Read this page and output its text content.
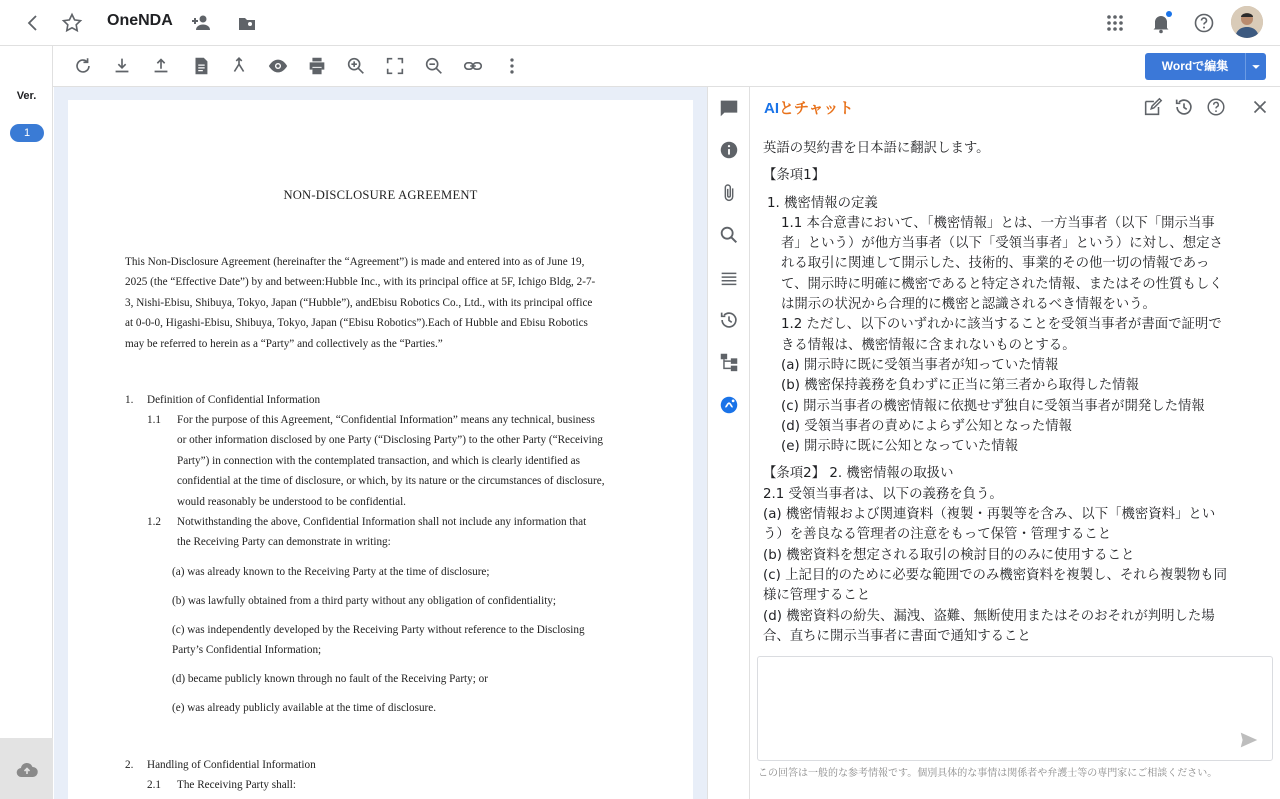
OneNDA
Ver.
1
Wordで編集
NON-DISCLOSURE AGREEMENT
This Non-Disclosure Agreement (hereinafter the “Agreement”) is made and entered into as of June 19,
2025 (the “Effective Date”) by and between:Hubble Inc., with its principal office at 5F, Ichigo Bldg, 2-7-
3, Nishi-Ebisu, Shibuya, Tokyo, Japan (“Hubble”), andEbisu Robotics Co., Ltd., with its principal office
at 0-0-0, Higashi-Ebisu, Shibuya, Tokyo, Japan (“Ebisu Robotics”).Each of Hubble and Ebisu Robotics
may be referred to herein as a “Party” and collectively as the “Parties.”
1. Definition of Confidential Information
1.1 For the purpose of this Agreement, “Confidential Information” means any technical, business
or other information disclosed by one Party (“Disclosing Party”) to the other Party (“Receiving
Party”) in connection with the contemplated transaction, and which is clearly identified as
confidential at the time of disclosure, or which, by its nature or the circumstances of disclosure,
would reasonably be understood to be confidential.
1.2 Notwithstanding the above, Confidential Information shall not include any information that
the Receiving Party can demonstrate in writing:
(a) was already known to the Receiving Party at the time of disclosure;
(b) was lawfully obtained from a third party without any obligation of confidentiality;
(c) was independently developed by the Receiving Party without reference to the Disclosing
Party’s Confidential Information;
(d) became publicly known through no fault of the Receiving Party; or
(e) was already publicly available at the time of disclosure.
2. Handling of Confidential Information
2.1 The Receiving Party shall:
AIとチャット
英語の契約書を日本語に翻訳します。
【条項1】
1. 機密情報の定義
1.1 本合意書において、「機密情報」とは、一方当事者（以下「開示当事
者」という）が他方当事者（以下「受領当事者」という）に対し、想定さ
れる取引に関連して開示した、技術的、事業的その他一切の情報であっ
て、開示時に明確に機密であると特定された情報、またはその性質もしく
は開示の状況から合理的に機密と認識されるべき情報をいう。
1.2 ただし、以下のいずれかに該当することを受領当事者が書面で証明で
きる情報は、機密情報に含まれないものとする。
(a) 開示時に既に受領当事者が知っていた情報
(b) 機密保持義務を負わずに正当に第三者から取得した情報
(c) 開示当事者の機密情報に依拠せず独自に受領当事者が開発した情報
(d) 受領当事者の責めによらず公知となった情報
(e) 開示時に既に公知となっていた情報
【条項2】 2. 機密情報の取扱い
2.1 受領当事者は、以下の義務を負う。
(a) 機密情報および関連資料（複製・再製等を含み、以下「機密資料」とい
う）を善良なる管理者の注意をもって保管・管理すること
(b) 機密資料を想定される取引の検討目的のみに使用すること
(c) 上記目的のために必要な範囲でのみ機密資料を複製し、それら複製物も同
様に管理すること
(d) 機密資料の紛失、漏洩、盗難、無断使用またはそのおそれが判明した場
合、直ちに開示当事者に書面で通知すること
この回答は一般的な参考情報です。個別具体的な事情は関係者や弁護士等の専門家にご相談ください。
